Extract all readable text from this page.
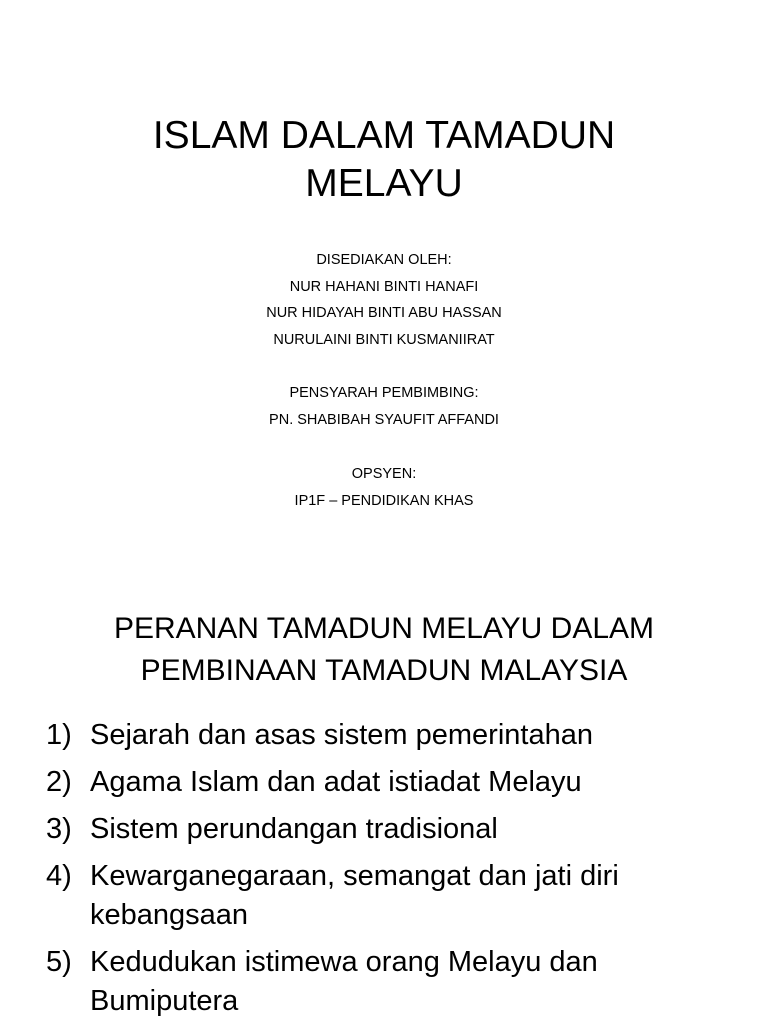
ISLAM DALAM TAMADUN
MELAYU
DISEDIAKAN OLEH:
NUR HAHANI BINTI HANAFI
NUR HIDAYAH BINTI ABU HASSAN
NURULAINI BINTI KUSMANIIRAT
PENSYARAH PEMBIMBING:
PN. SHABIBAH SYAUFIT AFFANDI
OPSYEN:
IP1F – PENDIDIKAN KHAS
PERANAN TAMADUN MELAYU DALAM
PEMBINAAN TAMADUN MALAYSIA
1) Sejarah dan asas sistem pemerintahan
2) Agama Islam dan adat istiadat Melayu
3) Sistem perundangan tradisional
4) Kewarganegaraan, semangat dan jati diri
kebangsaan
5) Kedudukan istimewa orang Melayu dan
Bumiputera
